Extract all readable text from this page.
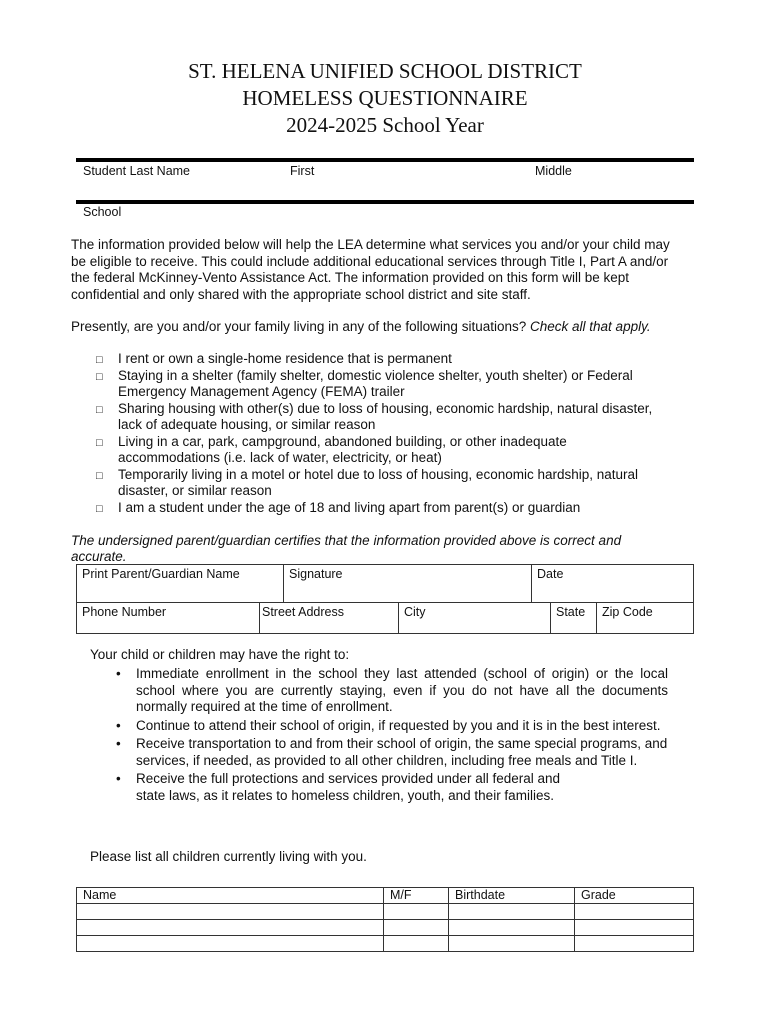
ST. HELENA UNIFIED SCHOOL DISTRICT
HOMELESS QUESTIONNAIRE
2024-2025 School Year
Student Last Name	First	Middle
School
The information provided below will help the LEA determine what services you and/or your child may be eligible to receive. This could include additional educational services through Title I, Part A and/or the federal McKinney-Vento Assistance Act. The information provided on this form will be kept confidential and only shared with the appropriate school district and site staff.
Presently, are you and/or your family living in any of the following situations? Check all that apply.
□ I rent or own a single-home residence that is permanent
□ Staying in a shelter (family shelter, domestic violence shelter, youth shelter) or Federal Emergency Management Agency (FEMA) trailer
□ Sharing housing with other(s) due to loss of housing, economic hardship, natural disaster, lack of adequate housing, or similar reason
□ Living in a car, park, campground, abandoned building, or other inadequate accommodations (i.e. lack of water, electricity, or heat)
□ Temporarily living in a motel or hotel due to loss of housing, economic hardship, natural disaster, or similar reason
□ I am a student under the age of 18 and living apart from parent(s) or guardian
The undersigned parent/guardian certifies that the information provided above is correct and accurate.
Print Parent/Guardian Name	Signature	Date
Phone Number	Street Address	City	State	Zip Code
Your child or children may have the right to:
• Immediate enrollment in the school they last attended (school of origin) or the local school where you are currently staying, even if you do not have all the documents normally required at the time of enrollment.
• Continue to attend their school of origin, if requested by you and it is in the best interest.
• Receive transportation to and from their school of origin, the same special programs, and services, if needed, as provided to all other children, including free meals and Title I.
• Receive the full protections and services provided under all federal and state laws, as it relates to homeless children, youth, and their families.
Please list all children currently living with you.
Name	M/F	Birthdate	Grade
